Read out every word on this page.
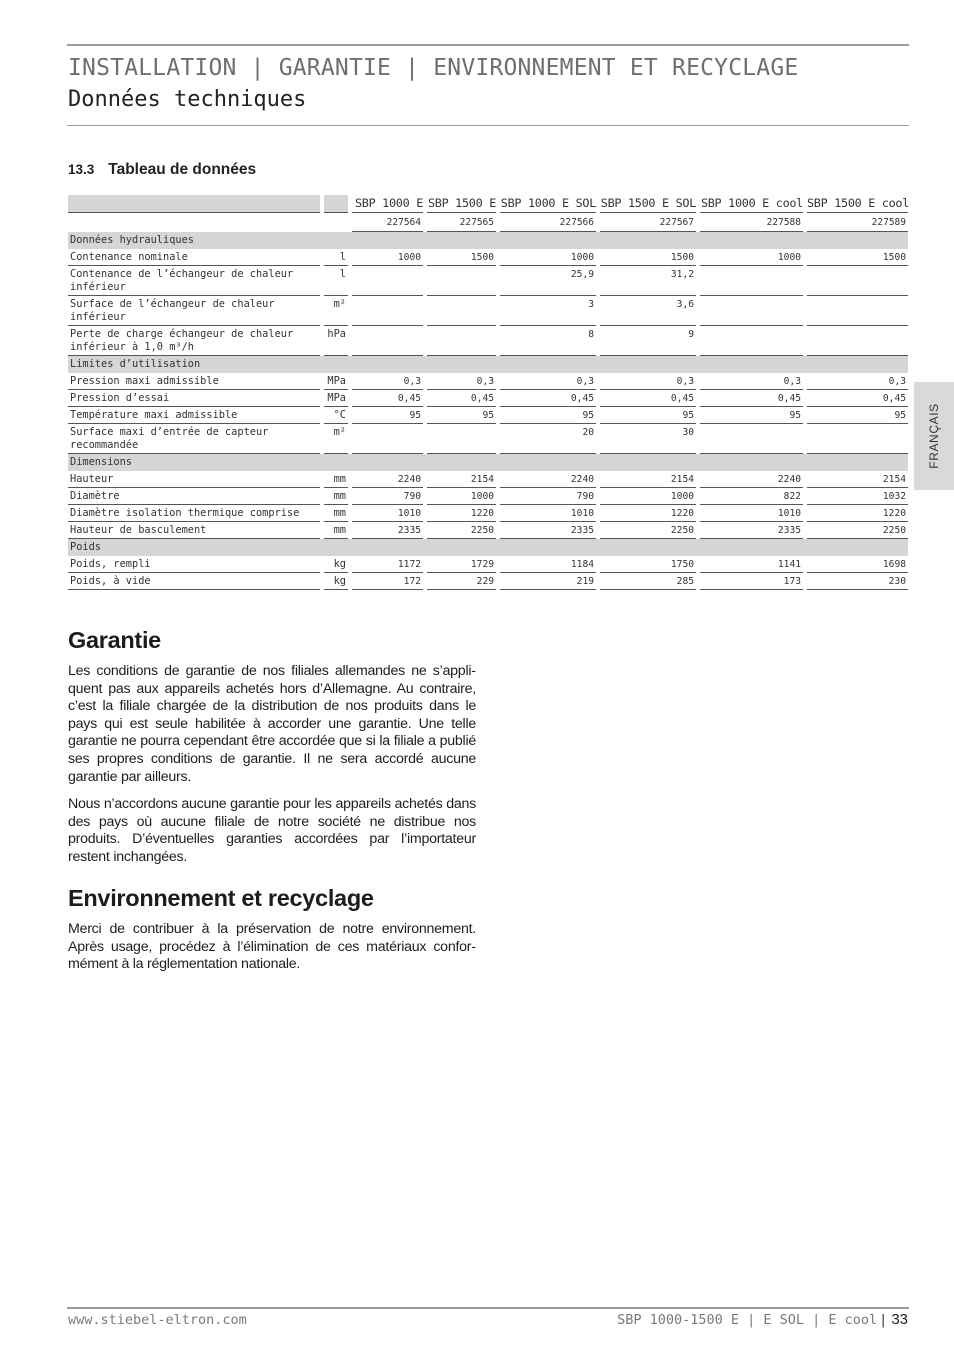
INSTALLATION | GARANTIE | ENVIRONNEMENT ET RECYCLAGE
Données techniques
13.3 Tableau de données
		SBP 1000 E	SBP 1500 E	SBP 1000 E SOL	SBP 1500 E SOL	SBP 1000 E cool	SBP 1500 E cool
		227564	227565	227566	227567	227588	227589
Données hydrauliques							
Contenance nominale	l	1000	1500	1000	1500	1000	1500
Contenance de l’échangeur de chaleur inférieur	l			25,9	31,2		
Surface de l’échangeur de chaleur inférieur	m²			3	3,6		
Perte de charge échangeur de chaleur inférieur à 1,0 m³/h	hPa			8	9		
Limites d’utilisation							
Pression maxi admissible	MPa	0,3	0,3	0,3	0,3	0,3	0,3
Pression d’essai	MPa	0,45	0,45	0,45	0,45	0,45	0,45
Température maxi admissible	°C	95	95	95	95	95	95
Surface maxi d’entrée de capteur recommandée	m²			20	30		
Dimensions							
Hauteur	mm	2240	2154	2240	2154	2240	2154
Diamètre	mm	790	1000	790	1000	822	1032
Diamètre isolation thermique comprise	mm	1010	1220	1010	1220	1010	1220
Hauteur de basculement	mm	2335	2250	2335	2250	2335	2250
Poids							
Poids, rempli	kg	1172	1729	1184	1750	1141	1698
Poids, à vide	kg	172	229	219	285	173	230
Garantie

Les conditions de garantie de nos filiales allemandes ne s’appliquent pas aux appareils achetés hors d’Allemagne. Au contraire, c’est la filiale chargée de la distribution de nos produits dans le pays qui est seule habilitée à accorder une garantie. Une telle garantie ne pourra cependant être accordée que si la filiale a publié ses propres conditions de garantie. Il ne sera accordé aucune garantie par ailleurs.

Nous n’accordons aucune garantie pour les appareils achetés dans des pays où aucune filiale de notre société ne distribue nos produits. D’éventuelles garanties accordées par l’importateur restent inchangées.

Environnement et recyclage

Merci de contribuer à la préservation de notre environnement. Après usage, procédez à l’élimination de ces matériaux conformément à la réglementation nationale.

FRANÇAIS
www.stiebel-eltron.com	SBP 1000-1500 E | E SOL | E cool | 33
